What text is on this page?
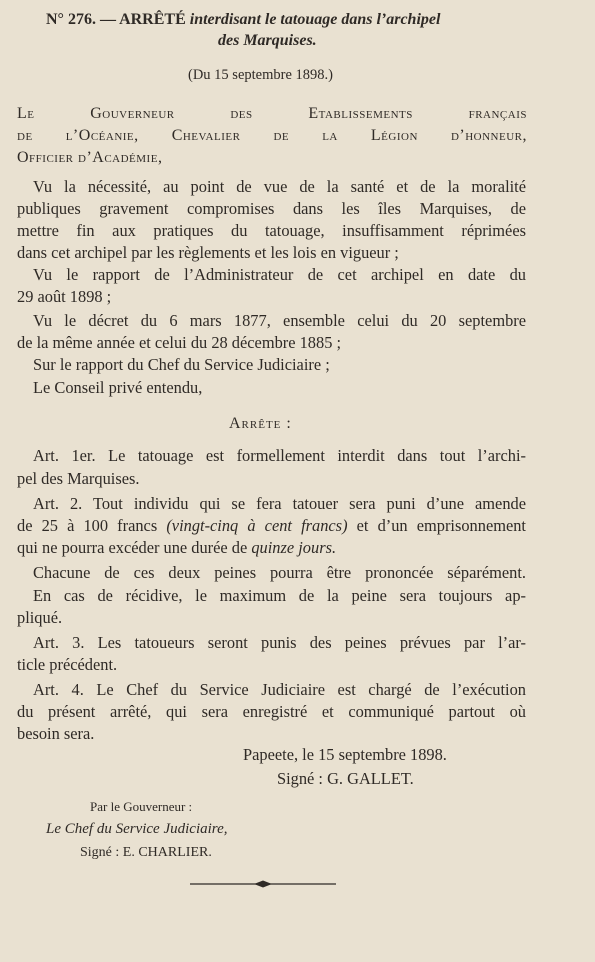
N° 276. — ARRÊTÉ interdisant le tatouage dans l’archipel
des Marquises.
(Du 15 septembre 1898.)
Le Gouverneur des Etablissements français
de l’Océanie, Chevalier de la Légion d’honneur,
Officier d’Académie,
Vu la nécessité, au point de vue de la santé et de la moralité
publiques gravement compromises dans les îles Marquises, de
mettre fin aux pratiques du tatouage, insuffisamment réprimées
dans cet archipel par les règlements et les lois en vigueur ;
Vu le rapport de l’Administrateur de cet archipel en date du
29 août 1898 ;
Vu le décret du 6 mars 1877, ensemble celui du 20 septembre
de la même année et celui du 28 décembre 1885 ;
Sur le rapport du Chef du Service Judiciaire ;
Le Conseil privé entendu,
Arrête :
Art. 1er. Le tatouage est formellement interdit dans tout l’archi-
pel des Marquises.
Art. 2. Tout individu qui se fera tatouer sera puni d’une amende
de 25 à 100 francs (vingt-cinq à cent francs) et d’un emprisonnement
qui ne pourra excéder une durée de quinze jours.
Chacune de ces deux peines pourra être prononcée séparément.
En cas de récidive, le maximum de la peine sera toujours ap-
pliqué.
Art. 3. Les tatoueurs seront punis des peines prévues par l’ar-
ticle précédent.
Art. 4. Le Chef du Service Judiciaire est chargé de l’exécution
du présent arrêté, qui sera enregistré et communiqué partout où
besoin sera.
Papeete, le 15 septembre 1898.
Signé : G. GALLET.
Par le Gouverneur :
Le Chef du Service Judiciaire,
Signé : E. CHARLIER.
